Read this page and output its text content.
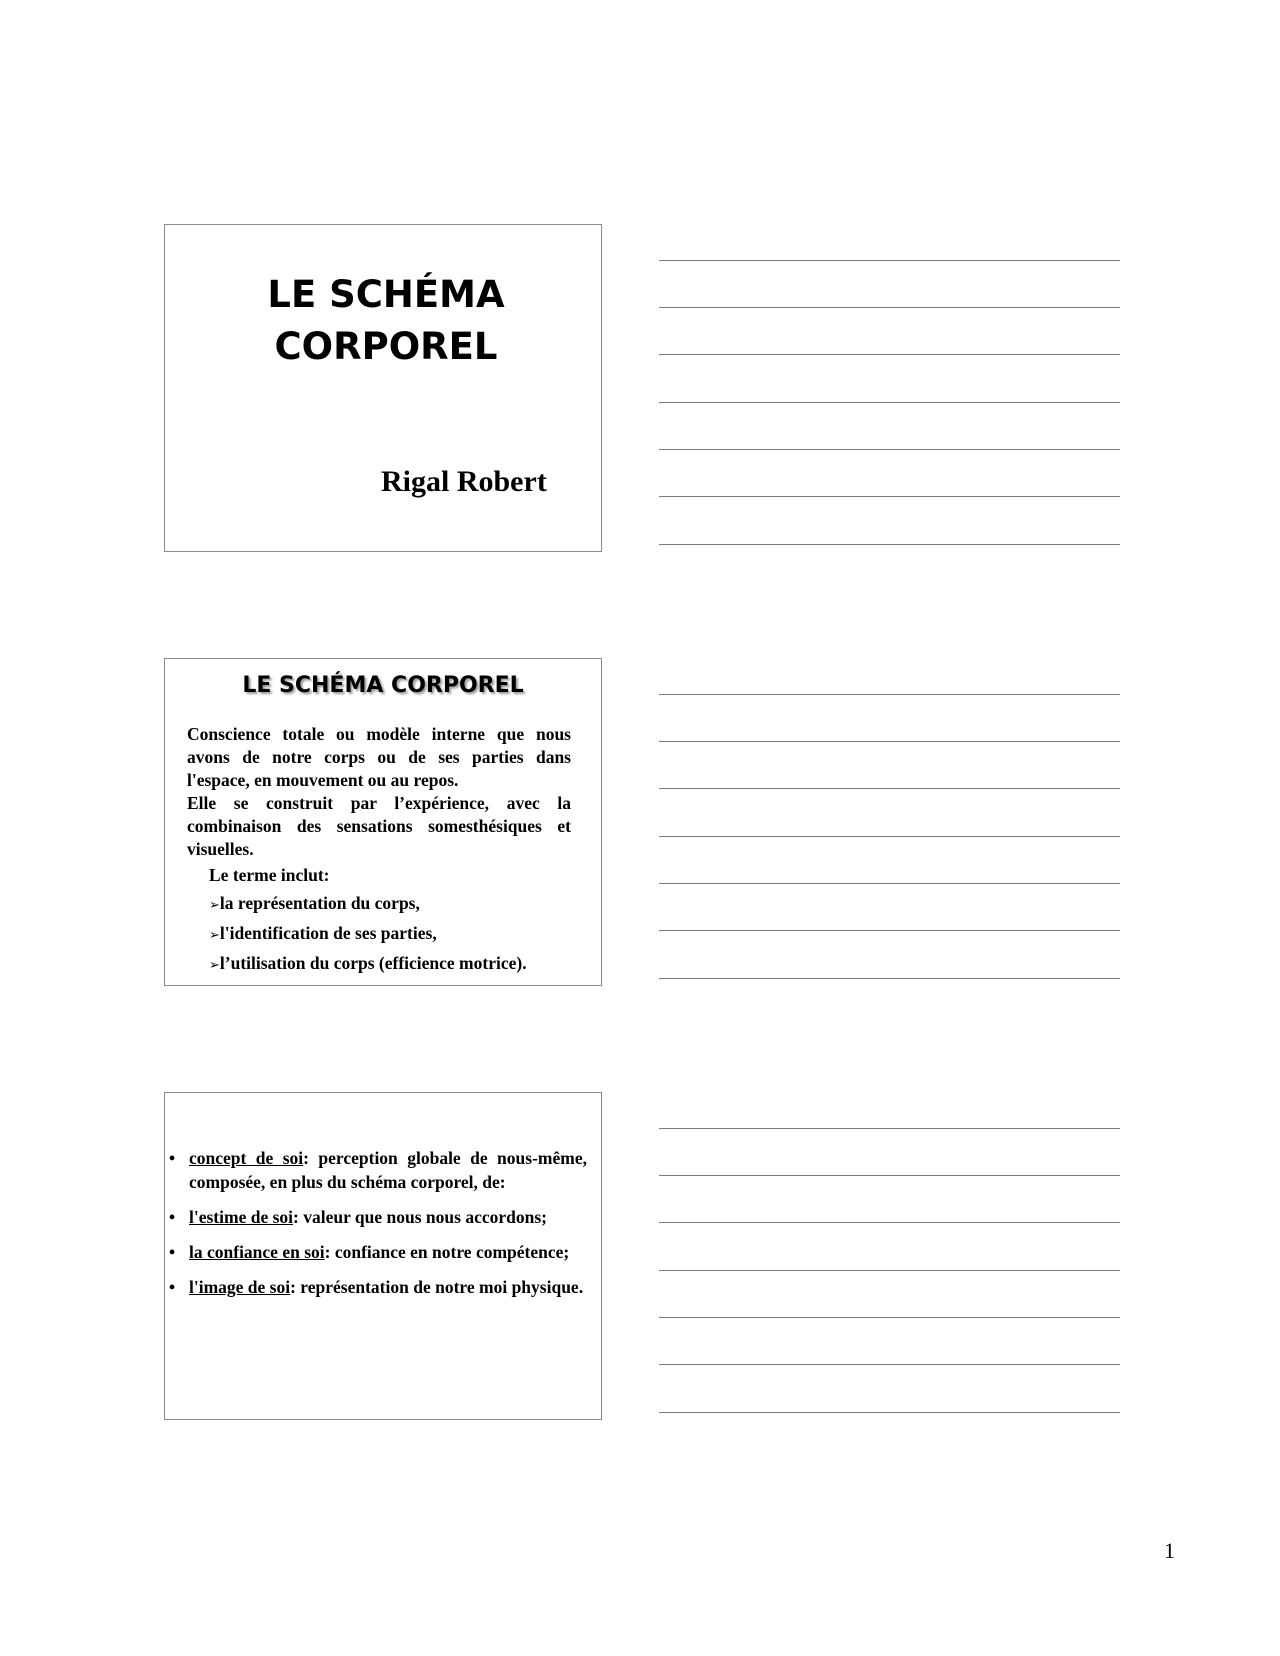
LE SCHÉMA
CORPOREL
Rigal Robert
LE SCHÉMA CORPOREL

Conscience totale ou modèle interne que nous avons de notre corps ou de ses parties dans l'espace, en mouvement ou au repos.

Elle se construit par l’expérience, avec la combinaison des sensations somesthésiques et visuelles.

Le terme inclut:

➢la représentation du corps,

➢l'identification de ses parties,

➢l’utilisation du corps (efficience motrice).

• concept de soi: perception globale de nous-même, composée, en plus du schéma corporel, de:
• l'estime de soi: valeur que nous nous accordons;
• la confiance en soi: confiance en notre compétence;
• l'image de soi: représentation de notre moi physique.
1
